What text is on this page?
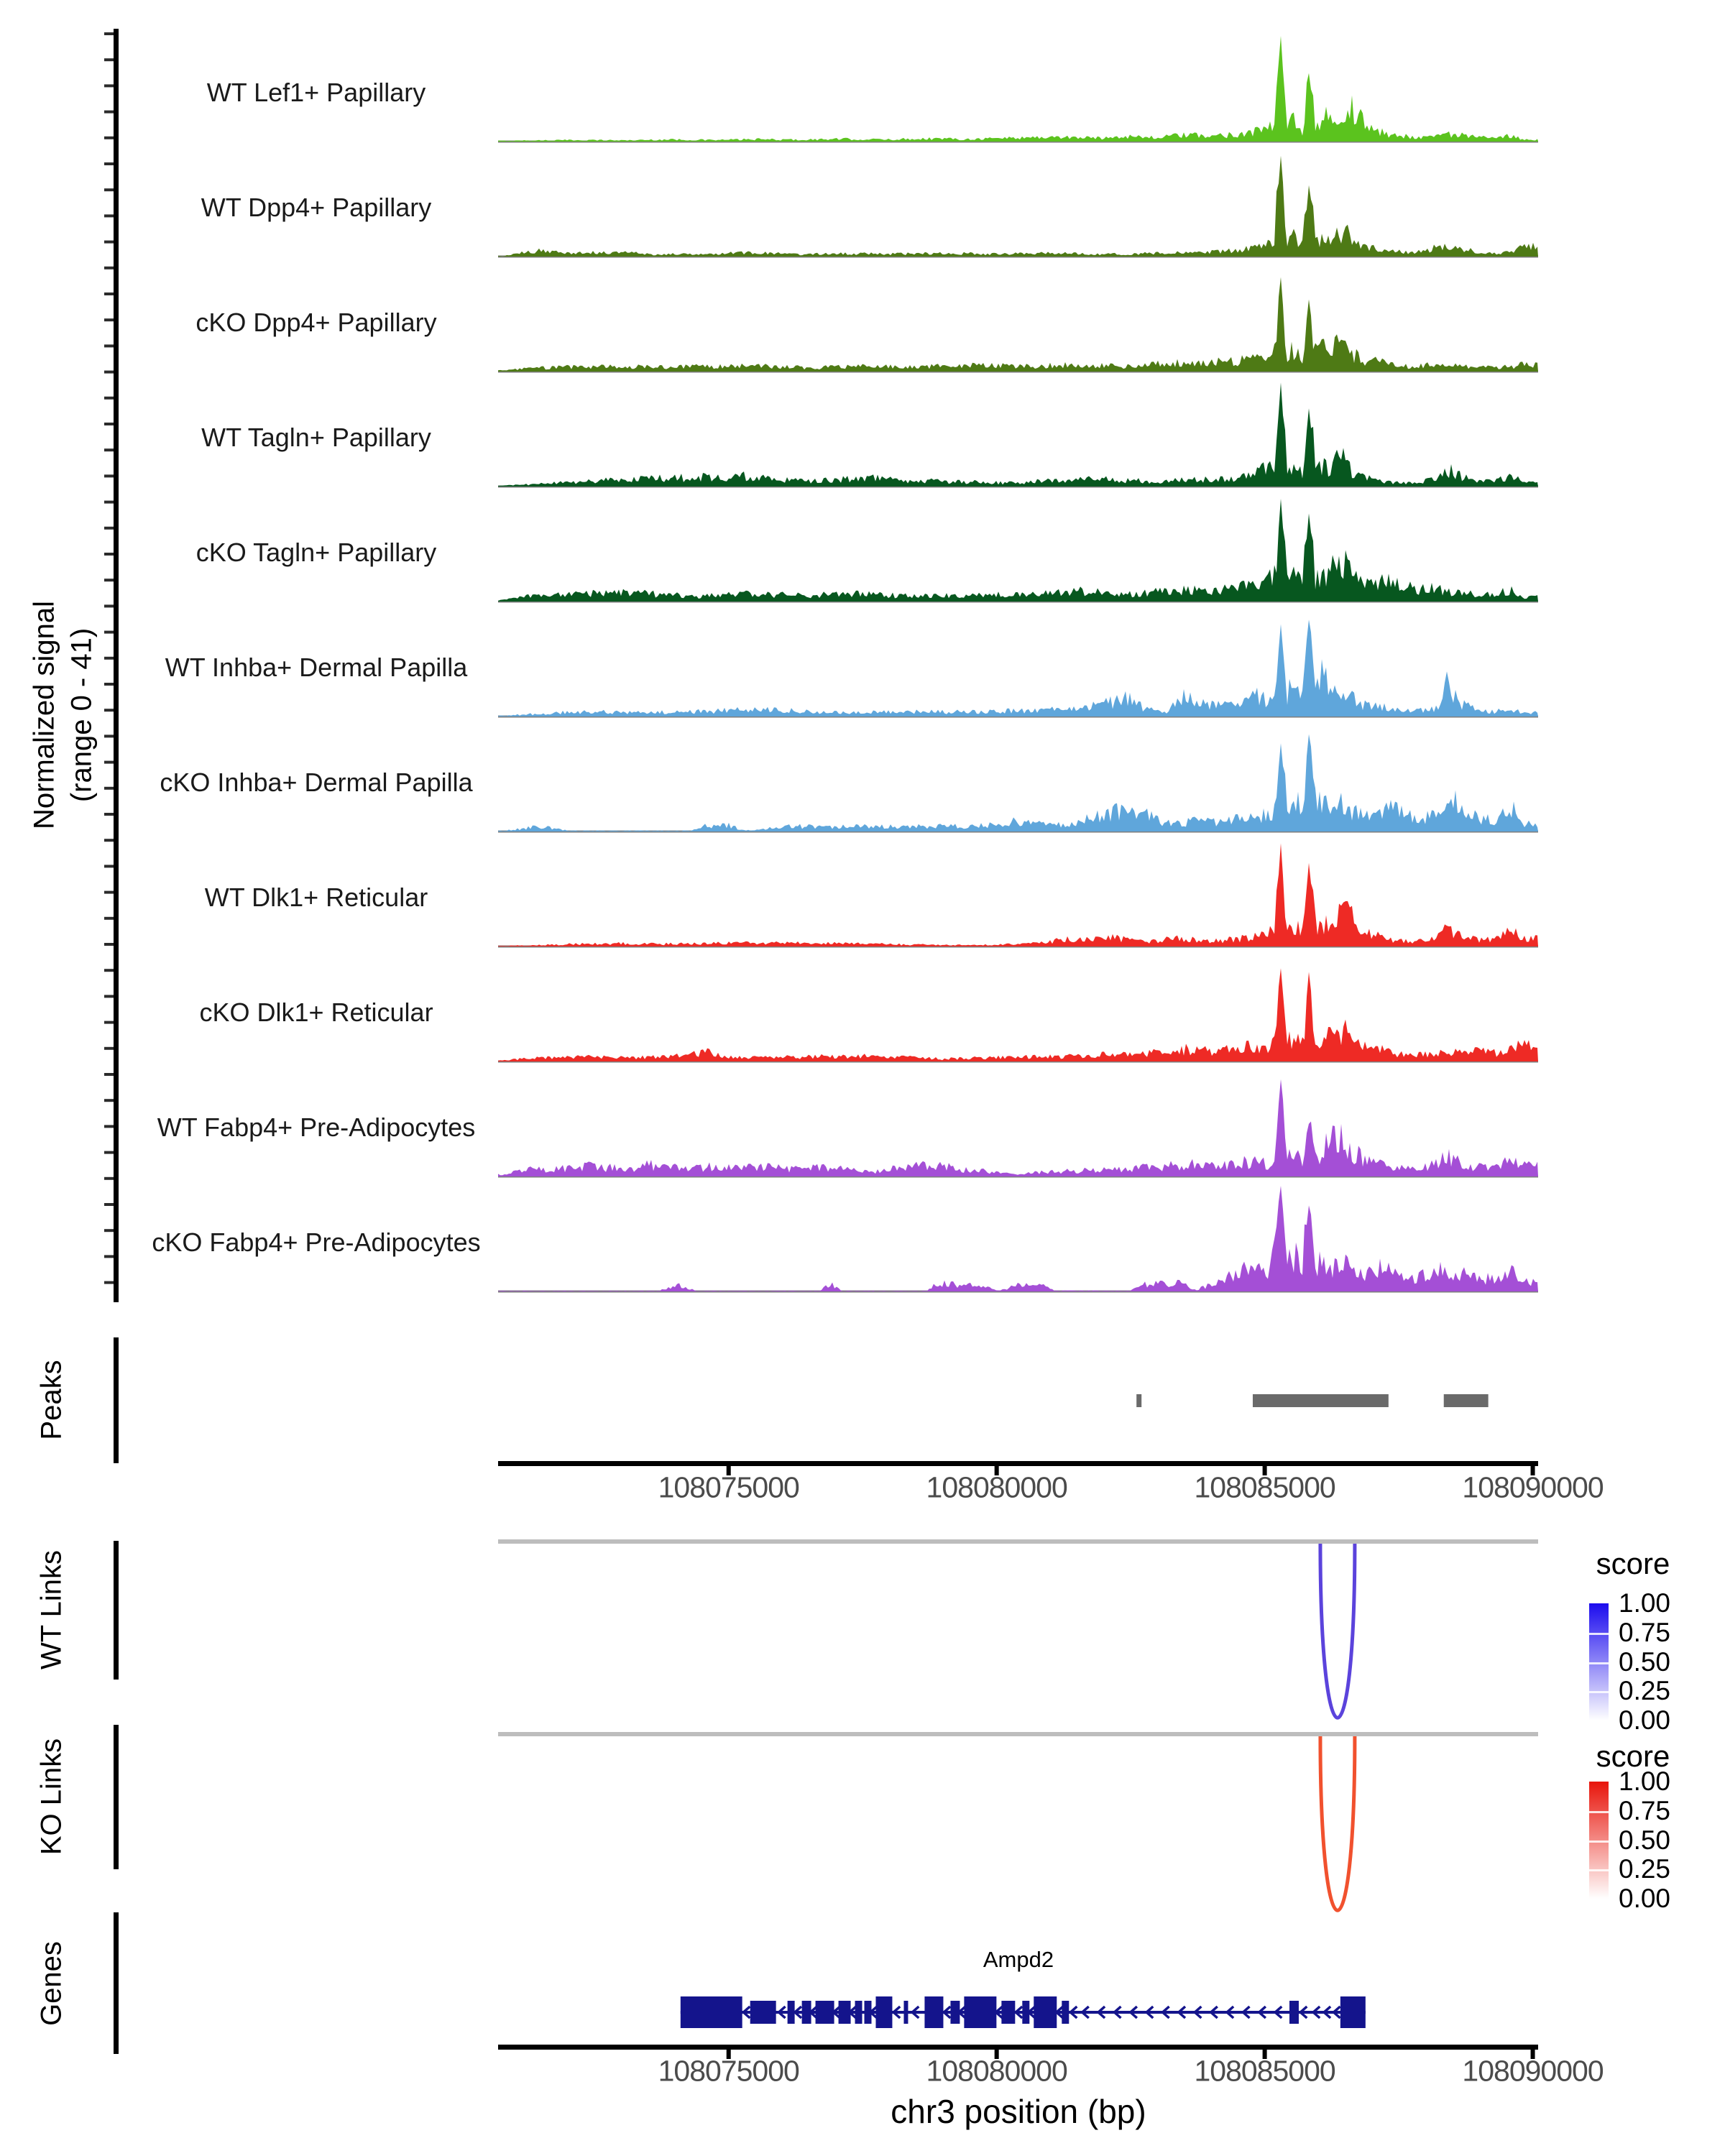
Normalized signal (range 0 - 41)
Peaks
WT Links
KO Links
Genes
score
score
Ampd2
chr3 position (bp)
WT Lef1+ Papillary
WT Dpp4+ Papillary
cKO Dpp4+ Papillary
WT Tagln+ Papillary
cKO Tagln+ Papillary
WT Inhba+ Dermal Papilla
cKO Inhba+ Dermal Papilla
WT Dlk1+ Reticular
cKO Dlk1+ Reticular
WT Fabp4+ Pre-Adipocytes
cKO Fabp4+ Pre-Adipocytes
108075000	108080000	108085000	108090000
108075000	108080000	108085000	108090000
1.00
0.75
0.50
0.25
0.00
1.00
0.75
0.50
0.25
0.00
